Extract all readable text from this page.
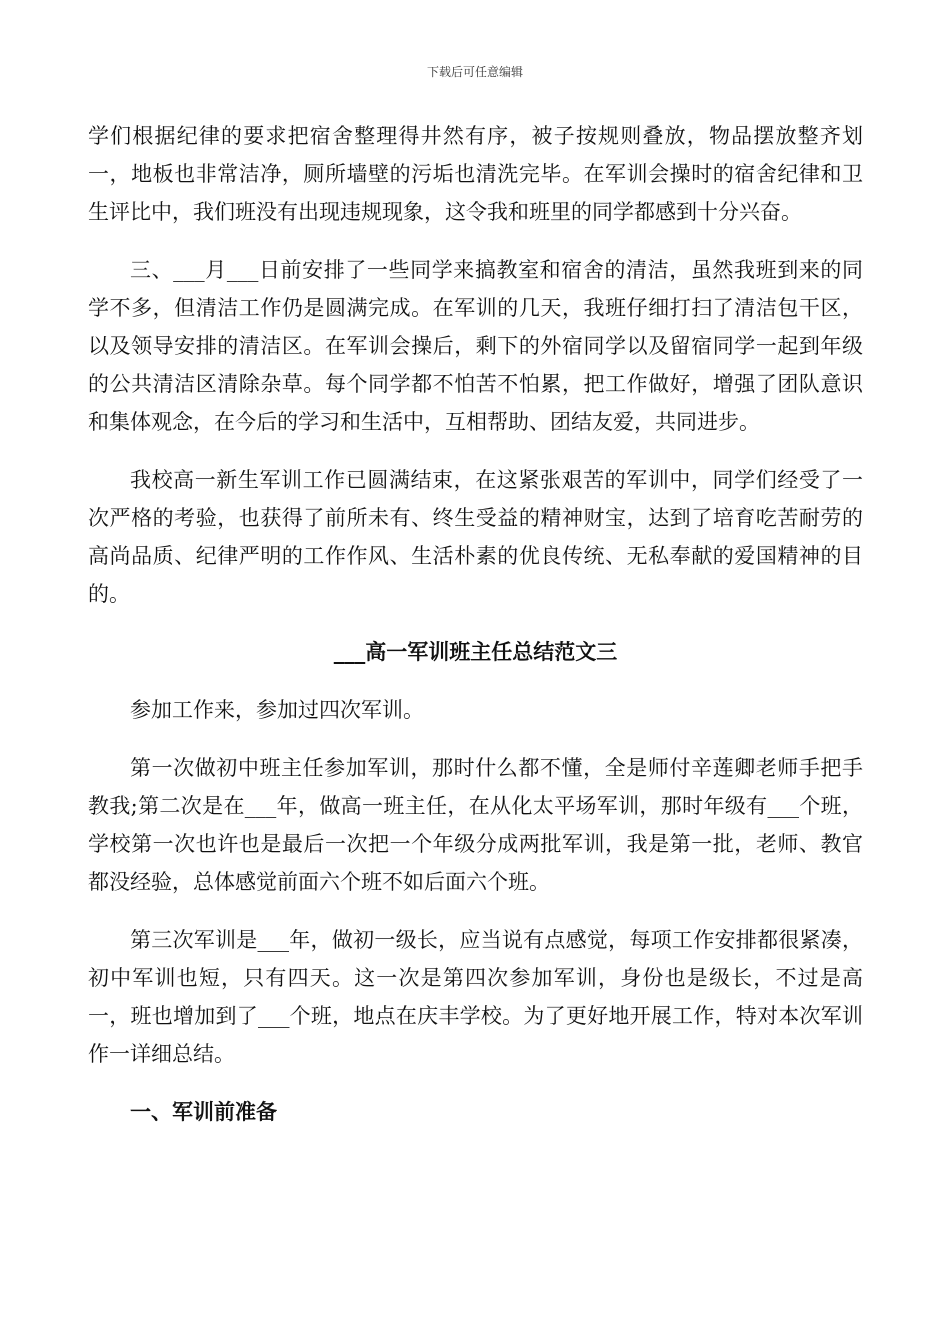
下载后可任意编辑

学们根据纪律的要求把宿舍整理得井然有序，被子按规则叠放，物品摆放整齐划一，地板也非常洁净，厕所墙壁的污垢也清洗完毕。在军训会操时的宿舍纪律和卫生评比中，我们班没有出现违规现象，这令我和班里的同学都感到十分兴奋。

三、___月___日前安排了一些同学来搞教室和宿舍的清洁，虽然我班到来的同学不多，但清洁工作仍是圆满完成。在军训的几天，我班仔细打扫了清洁包干区，以及领导安排的清洁区。在军训会操后，剩下的外宿同学以及留宿同学一起到年级的公共清洁区清除杂草。每个同学都不怕苦不怕累，把工作做好，增强了团队意识和集体观念，在今后的学习和生活中，互相帮助、团结友爱，共同进步。

我校高一新生军训工作已圆满结束，在这紧张艰苦的军训中，同学们经受了一次严格的考验，也获得了前所未有、终生受益的精神财宝，达到了培育吃苦耐劳的高尚品质、纪律严明的工作作风、生活朴素的优良传统、无私奉献的爱国精神的目的。

___高一军训班主任总结范文三

参加工作来，参加过四次军训。

第一次做初中班主任参加军训，那时什么都不懂，全是师付辛莲卿老师手把手教我;第二次是在___年，做高一班主任，在从化太平场军训，那时年级有___个班，学校第一次也许也是最后一次把一个年级分成两批军训，我是第一批，老师、教官都没经验，总体感觉前面六个班不如后面六个班。

第三次军训是___年，做初一级长，应当说有点感觉，每项工作安排都很紧凑，初中军训也短，只有四天。这一次是第四次参加军训，身份也是级长，不过是高一，班也增加到了___个班，地点在庆丰学校。为了更好地开展工作，特对本次军训作一详细总结。

一、军训前准备
